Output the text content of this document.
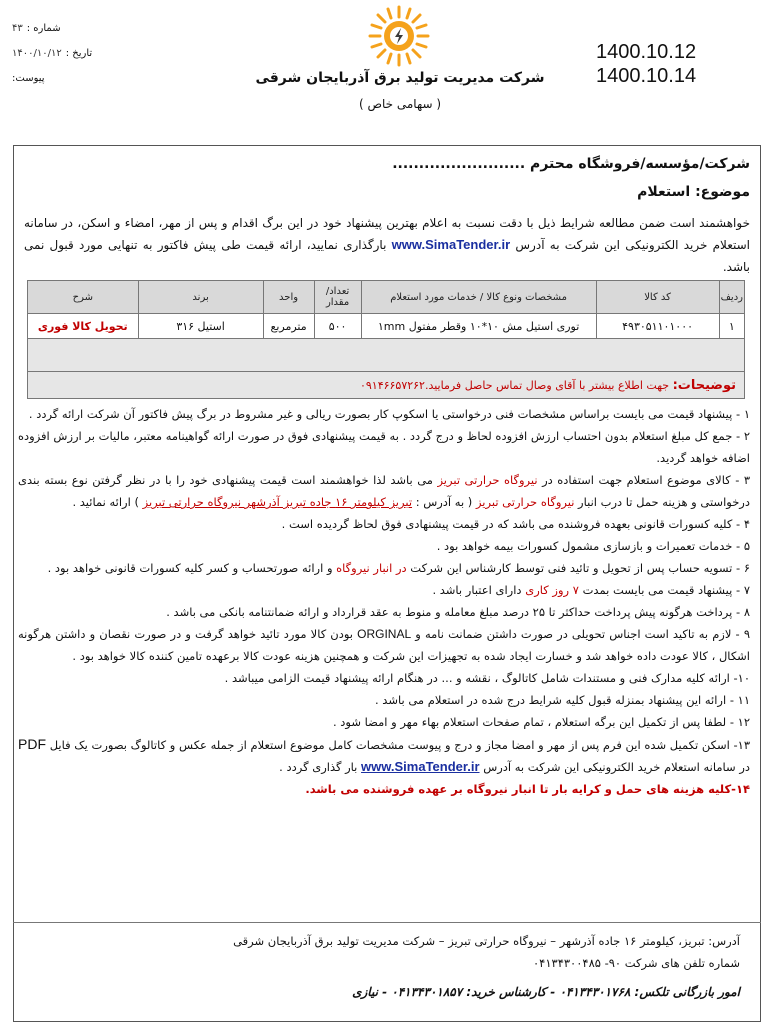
شماره :
۴۳
تاریخ :
۱۴۰۰/۱۰/۱۲
پیوست:	شرکت مدیریت تولید برق آذربایجان شرقی
( سهامی خاص )
1400.10.12
1400.10.14
شرکت/مؤسسه/فروشگاه محترم .........................
موضوع: استعلام
خواهشمند است ضمن مطالعه شرایط ذیل با دقت نسبت به اعلام بهترین پیشنهاد خود در این برگ اقدام و پس از مهر، امضاء و اسکن، در سامانه استعلام خرید الکترونیکی این شرکت به آدرس www.SimaTender.ir بارگذاری نمایید، ارائه قیمت طی پیش فاکتور به تنهایی مورد قبول نمی باشد.
ردیف	کد کالا	مشخصات ونوع کالا / خدمات مورد استعلام	تعداد/ مقدار	واحد	برند	شرح
۱	۴۹۳۰۵۱۱۰۱۰۰۰	توری استیل مش ۱۰*۱۰ وقطر مفتول ۱mm	۵۰۰	مترمربع	استیل ۳۱۶	تحویل کالا فوری

توضیحات: جهت اطلاع بیشتر با آقای وصال تماس حاصل فرمایید.۰۹۱۴۶۶۵۷۲۶۲						
۱ - پیشنهاد قیمت می بایست براساس مشخصات فنی درخواستی یا اسکوپ کار بصورت ریالی و غیر مشروط در برگ پیش فاکتور آن شرکت ارائه گردد .
۲ - جمع کل مبلغ استعلام بدون احتساب ارزش افزوده لحاظ و درج گردد . به قیمت پیشنهادی فوق در صورت ارائه گواهینامه معتبر، مالیات بر ارزش افزوده اضافه خواهد گردید.
۳ - کالای موضوع استعلام جهت استفاده در نیروگاه حرارتی تبریز می باشد لذا خواهشمند است قیمت پیشنهادی خود را با در نظر گرفتن نوع بسته بندی درخواستی و هزینه حمل تا درب انبار نیروگاه حرارتی تبریز ( به آدرس : تبریز کیلومتر ۱۶ جاده تبریز آذرشهر نیروگاه حرارتی تبریز ) ارائه نمائید .
۴ - کلیه کسورات قانونی بعهده فروشنده می باشد که در قیمت پیشنهادی فوق لحاظ گردیده است .
۵ - خدمات تعمیرات و بازسازی مشمول کسورات بیمه خواهد بود .
۶ - تسویه حساب پس از تحویل و تائید فنی توسط کارشناس این شرکت در انبار نیروگاه و ارائه صورتحساب و کسر کلیه کسورات قانونی خواهد بود .
۷ - پیشنهاد قیمت می بایست بمدت ۷ روز کاری دارای اعتبار باشد .
۸ - پرداخت هرگونه پیش پرداخت حداکثر تا ۲۵ درصد مبلغ معامله و منوط به عقد قرارداد و ارائه ضمانتنامه بانکی می باشد .
۹ - لازم به تاکید است اجناس تحویلی در صورت داشتن ضمانت نامه و ORGINAL بودن کالا مورد تائید خواهد گرفت و در صورت نقصان و داشتن هرگونه اشکال ، کالا عودت داده خواهد شد و خسارت ایجاد شده به تجهیزات این شرکت و همچنین هزینه عودت کالا برعهده تامین کننده کالا خواهد بود .
۱۰- ارائه کلیه مدارک فنی و مستندات شامل کاتالوگ ، نقشه و ... در هنگام ارائه پیشنهاد قیمت الزامی میباشد .
۱۱ - ارائه این پیشنهاد بمنزله قبول کلیه شرایط درج شده در استعلام می باشد .
۱۲ - لطفا پس از تکمیل این برگه استعلام ، تمام صفحات استعلام بهاء مهر و امضا شود .
۱۳- اسکن تکمیل شده این فرم پس از مهر و امضا مجاز و درج و پیوست مشخصات کامل موضوع استعلام از جمله عکس و کاتالوگ بصورت یک فایل PDF در سامانه استعلام خرید الکترونیکی این شرکت به آدرس www.SimaTender.ir بار گذاری گردد .
۱۴-کلیه هزینه های حمل و کرایه بار تا انبار نیروگاه بر عهده فروشنده می باشد.
آدرس: تبریز، کیلومتر ۱۶ جاده آذرشهر – نیروگاه حرارتی تبریز – شرکت مدیریت تولید برق آذربایجان شرقی
شماره تلفن های شرکت ۹۰- ۰۴۱۳۴۳۰۰۴۸۵
امور بازرگانی تلکس: ۰۴۱۳۴۳۰۱۷۶۸ - کارشناس خرید: ۰۴۱۳۴۳۰۱۸۵۷ - نیازی
